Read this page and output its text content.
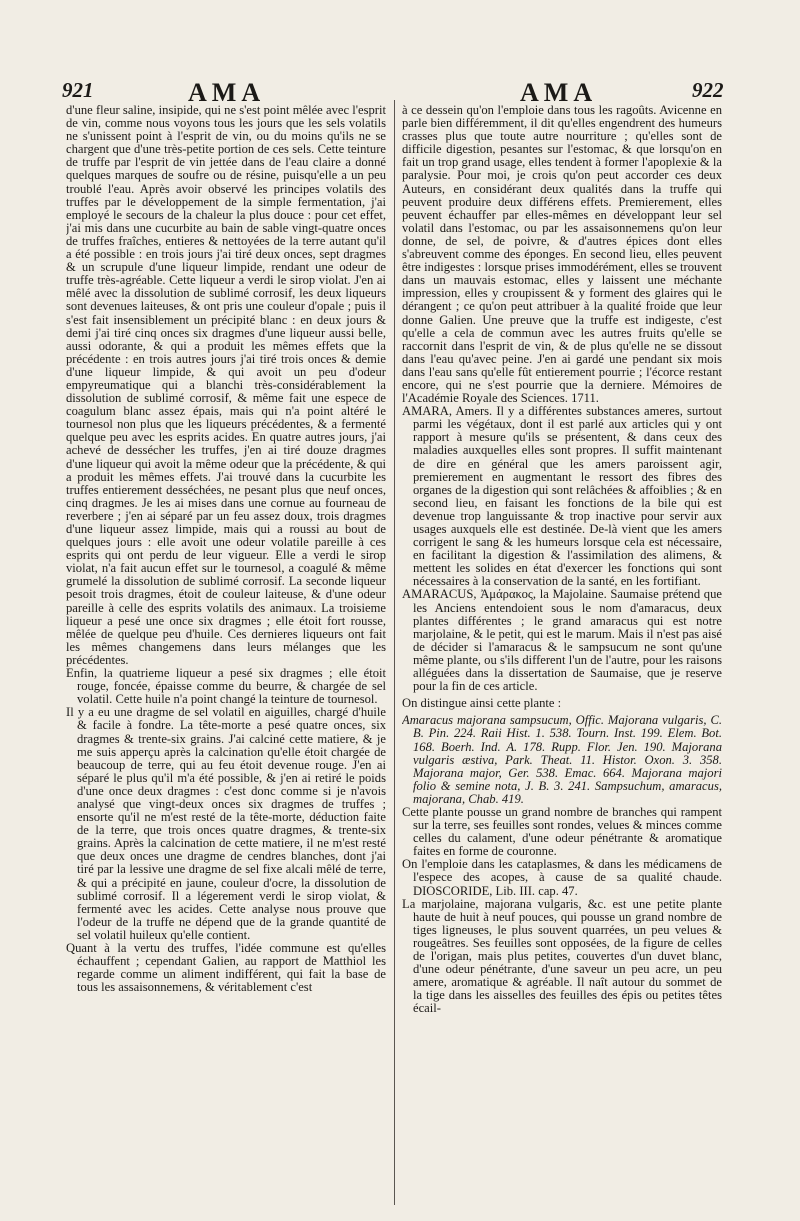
921	AMA	AMA	922

d'une fleur saline, insipide, qui ne s'est point mêlée avec l'esprit de vin, comme nous voyons tous les jours que les sels volatils ne s'unissent point à l'esprit de vin, ou du moins qu'ils ne se chargent que d'une très-petite portion de ces sels. Cette teinture de truffe par l'esprit de vin jettée dans de l'eau claire a donné quelques marques de soufre ou de résine, puisqu'elle a un peu troublé l'eau. Après avoir observé les principes volatils des truffes par le développement de la simple fermentation, j'ai employé le secours de la chaleur la plus douce : pour cet effet, j'ai mis dans une cucurbite au bain de sable vingt-quatre onces de truffes fraîches, entieres & nettoyées de la terre autant qu'il a été possible : en trois jours j'ai tiré deux onces, sept dragmes & un scrupule d'une liqueur limpide, rendant une odeur de truffe très-agréable. Cette liqueur a verdi le sirop violat. J'en ai mêlé avec la dissolution de sublimé corrosif, les deux liqueurs sont devenues laiteuses, & ont pris une couleur d'opale ; puis il s'est fait insensiblement un précipité blanc : en deux jours & demi j'ai tiré cinq onces six dragmes d'une liqueur aussi belle, aussi odorante, & qui a produit les mêmes effets que la précédente : en trois autres jours j'ai tiré trois onces & demie d'une liqueur limpide, & qui avoit un peu d'odeur empyreumatique qui a blanchi très-considérablement la dissolution de sublimé corrosif, & même fait une espece de coagulum blanc assez épais, mais qui n'a point altéré le tournesol non plus que les liqueurs précédentes, & a fermenté quelque peu avec les esprits acides. En quatre autres jours, j'ai achevé de dessécher les truffes, j'en ai tiré douze dragmes d'une liqueur qui avoit la même odeur que la précédente, & qui a produit les mêmes effets. J'ai trouvé dans la cucurbite les truffes entierement desséchées, ne pesant plus que neuf onces, cinq dragmes. Je les ai mises dans une cornue au fourneau de reverbere ; j'en ai séparé par un feu assez doux, trois dragmes d'une liqueur assez limpide, mais qui a roussi au bout de quelques jours : elle avoit une odeur volatile pareille à ces esprits qui ont perdu de leur vigueur. Elle a verdi le sirop violat, n'a fait aucun effet sur le tournesol, a coagulé & même grumelé la dissolution de sublimé corrosif. La seconde liqueur pesoit trois dragmes, étoit de couleur laiteuse, & d'une odeur pareille à celle des esprits volatils des animaux. La troisieme liqueur a pesé une once six dragmes ; elle étoit fort rousse, mêlée de quelque peu d'huile. Ces dernieres liqueurs ont fait les mêmes changemens dans leurs mélanges que les précédentes.

Enfin, la quatrieme liqueur a pesé six dragmes ; elle étoit rouge, foncée, épaisse comme du beurre, & chargée de sel volatil. Cette huile n'a point changé la teinture de tournesol.

Il y a eu une dragme de sel volatil en aiguilles, chargé d'huile & facile à fondre. La tête-morte a pesé quatre onces, six dragmes & trente-six grains. J'ai calciné cette matiere, & je me suis apperçu après la calcination qu'elle étoit chargée de beaucoup de terre, qui au feu étoit devenue rouge. J'en ai séparé le plus qu'il m'a été possible, & j'en ai retiré le poids d'une once deux dragmes : c'est donc comme si je n'avois analysé que vingt-deux onces six dragmes de truffes ; ensorte qu'il ne m'est resté de la tête-morte, déduction faite de la terre, que trois onces quatre dragmes, & trente-six grains. Après la calcination de cette matiere, il ne m'est resté que deux onces une dragme de cendres blanches, dont j'ai tiré par la lessive une dragme de sel fixe alcali mêlé de terre, & qui a précipité en jaune, couleur d'ocre, la dissolution de sublimé corrosif. Il a légerement verdi le sirop violat, & fermenté avec les acides. Cette analyse nous prouve que l'odeur de la truffe ne dépend que de la grande quantité de sel volatil huileux qu'elle contient.

Quant à la vertu des truffes, l'idée commune est qu'elles échauffent ; cependant Galien, au rapport de Matthiol les regarde comme un aliment indifférent, qui fait la base de tous les assaisonnemens, & véritablement c'est

à ce dessein qu'on l'emploie dans tous les ragoûts. Avicenne en parle bien différemment, il dit qu'elles engendrent des humeurs crasses plus que toute autre nourriture ; qu'elles sont de difficile digestion, pesantes sur l'estomac, & que lorsqu'on en fait un trop grand usage, elles tendent à former l'apoplexie & la paralysie. Pour moi, je crois qu'on peut accorder ces deux Auteurs, en considérant deux qualités dans la truffe qui peuvent produire deux différens effets. Premierement, elles peuvent échauffer par elles-mêmes en développant leur sel volatil dans l'estomac, ou par les assaisonnemens qu'on leur donne, de sel, de poivre, & d'autres épices dont elles s'abreuvent comme des éponges. En second lieu, elles peuvent être indigestes : lorsque prises immodérément, elles se trouvent dans un mauvais estomac, elles y laissent une méchante impression, elles y croupissent & y forment des glaires qui le dérangent ; ce qu'on peut attribuer à la qualité froide que leur donne Galien. Une preuve que la truffe est indigeste, c'est qu'elle a cela de commun avec les autres fruits qu'elle se raccornit dans l'esprit de vin, & de plus qu'elle ne se dissout dans l'eau qu'avec peine. J'en ai gardé une pendant six mois dans l'eau sans qu'elle fût entierement pourrie ; l'écorce restant encore, qui ne s'est pourrie que la derniere. Mémoires de l'Académie Royale des Sciences. 1711.

AMARA, Amers. Il y a différentes substances ameres, surtout parmi les végétaux, dont il est parlé aux articles qui y ont rapport à mesure qu'ils se présentent, & dans ceux des maladies auxquelles elles sont propres. Il suffit maintenant de dire en général que les amers paroissent agir, premierement en augmentant le ressort des fibres des organes de la digestion qui sont relâchées & affoiblies ; & en second lieu, en faisant les fonctions de la bile qui est devenue trop languissante & trop inactive pour servir aux usages auxquels elle est destinée. De-là vient que les amers corrigent le sang & les humeurs lorsque cela est nécessaire, en facilitant la digestion & l'assimilation des alimens, & mettent les solides en état d'exercer les fonctions qui sont nécessaires à la conservation de la santé, en les fortifiant.

AMARACUS, Ἀμάρακος, la Majolaine. Saumaise prétend que les Anciens entendoient sous le nom d'amaracus, deux plantes différentes ; le grand amaracus qui est notre marjolaine, & le petit, qui est le marum. Mais il n'est pas aisé de décider si l'amaracus & le sampsucum ne sont qu'une même plante, ou s'ils different l'un de l'autre, pour les raisons alléguées dans la dissertation de Saumaise, que je reserve pour la fin de ces article.

On distingue ainsi cette plante :

Amaracus majorana sampsucum, Offic. Majorana vulgaris, C. B. Pin. 224. Raii Hist. 1. 538. Tourn. Inst. 199. Elem. Bot. 168. Boerh. Ind. A. 178. Rupp. Flor. Jen. 190. Majorana vulgaris æstiva, Park. Theat. 11. Histor. Oxon. 3. 358. Majorana major, Ger. 538. Emac. 664. Majorana majori folio & semine nota, J. B. 3. 241. Sampsuchum, amaracus, majorana, Chab. 419.

Cette plante pousse un grand nombre de branches qui rampent sur la terre, ses feuilles sont rondes, velues & minces comme celles du calament, d'une odeur pénétrante & aromatique faites en forme de couronne.

On l'emploie dans les cataplasmes, & dans les médicamens de l'espece des acopes, à cause de sa qualité chaude. DIOSCORIDE, Lib. III. cap. 47.

La marjolaine, majorana vulgaris, &c. est une petite plante haute de huit à neuf pouces, qui pousse un grand nombre de tiges ligneuses, le plus souvent quarrées, un peu velues & rougeâtres. Ses feuilles sont opposées, de la figure de celles de l'origan, mais plus petites, couvertes d'un duvet blanc, d'une odeur pénétrante, d'une saveur un peu acre, un peu amere, aromatique & agréable. Il naît autour du sommet de la tige dans les aisselles des feuilles des épis ou petites têtes écail-
